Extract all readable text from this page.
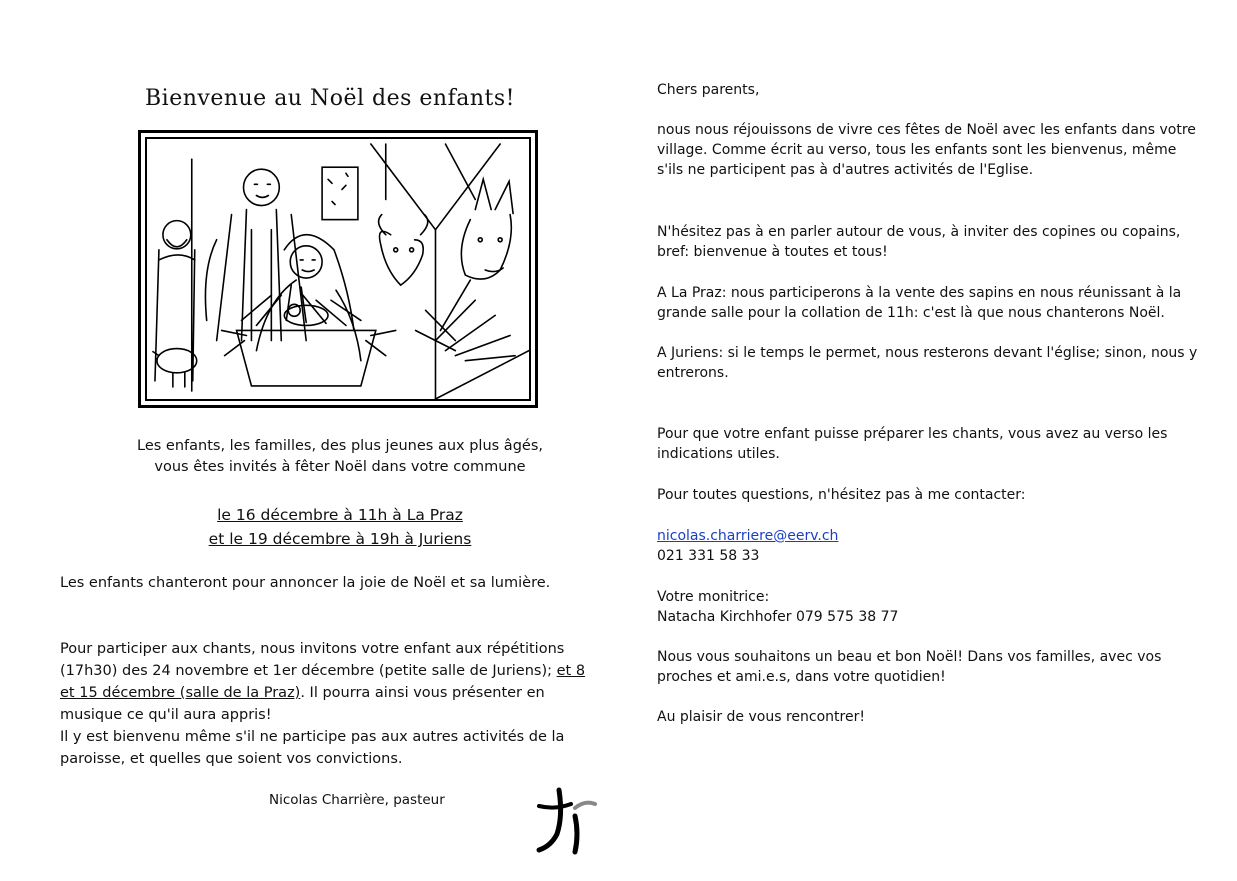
Bienvenue au Noël des enfants!
Les enfants, les familles, des plus jeunes aux plus âgés,
vous êtes invités à fêter Noël dans votre commune
le 16 décembre à 11h à La Praz
et le 19 décembre à 19h à Juriens
Les enfants chanteront pour annoncer la joie de Noël et sa lumière.
Pour participer aux chants, nous invitons votre enfant aux répétitions (17h30) des 24 novembre et 1er décembre (petite salle de Juriens); et 8 et 15 décembre (salle de la Praz). Il pourra ainsi vous présenter en musique ce qu'il aura appris!
Il y est bienvenu même s'il ne participe pas aux autres activités de la paroisse, et quelles que soient vos convictions.
Nicolas Charrière, pasteur
Chers parents,
nous nous réjouissons de vivre ces fêtes de Noël avec les enfants dans votre village. Comme écrit au verso, tous les enfants sont les bienvenus, même s'ils ne participent pas à d'autres activités de l'Eglise.
N'hésitez pas à en parler autour de vous, à inviter des copines ou copains, bref: bienvenue à toutes et tous!
A La Praz: nous participerons à la vente des sapins en nous réunissant à la grande salle pour la collation de 11h: c'est là que nous chanterons Noël.
A Juriens: si le temps le permet, nous resterons devant l'église; sinon, nous y entrerons.
Pour que votre enfant puisse préparer les chants, vous avez au verso les indications utiles.
Pour toutes questions, n'hésitez pas à me contacter:
nicolas.charriere@eerv.ch
021 331 58 33
Votre monitrice:
Natacha Kirchhofer 079 575 38 77
Nous vous souhaitons un beau et bon Noël! Dans vos familles, avec vos proches et ami.e.s, dans votre quotidien!
Au plaisir de vous rencontrer!
